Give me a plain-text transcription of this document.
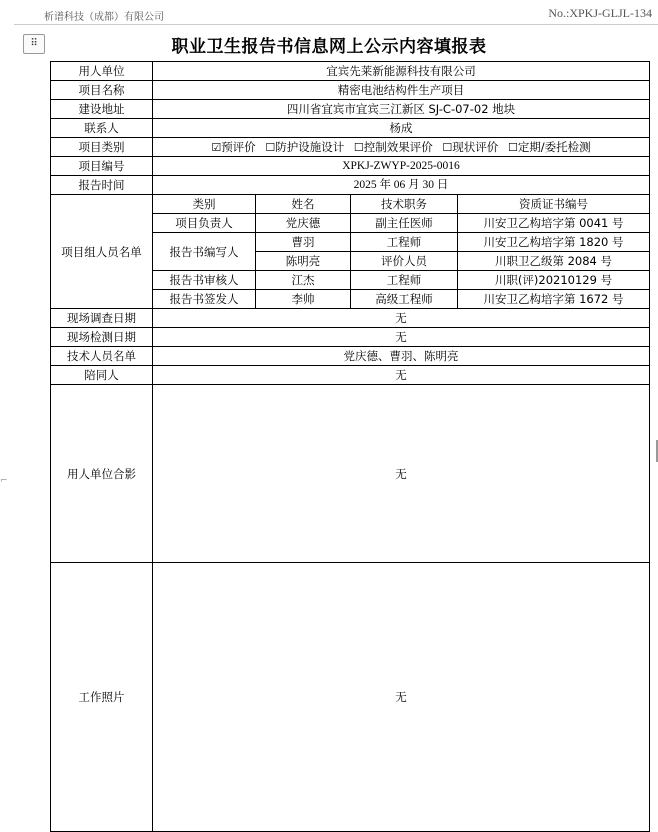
析谱科技（成都）有限公司	No.:XPKJ-GLJL-134
⠿	职业卫生报告书信息网上公示内容填报表
用人单位	宜宾先莱新能源科技有限公司			
项目名称	精密电池结构件生产项目			
建设地址	四川省宜宾市宜宾三江新区 SJ-C-07-02 地块			
联系人	杨成			
项目类别	☑预评价 ☐防护设施设计 ☐控制效果评价 ☐现状评价 ☐定期/委托检测			
项目编号	XPKJ-ZWYP-2025-0016			
报告时间	2025 年 06 月 30 日			
项目组人员名单	类别	姓名	技术职务	资质证书编号
	项目负责人	党庆德	副主任医师	川安卫乙构培字第 0041 号
	报告书编写人	曹羽	工程师	川安卫乙构培字第 1820 号
		陈明亮	评价人员	川职卫乙级第 2084 号
	报告书审核人	江杰	工程师	川职(评)20210129 号
	报告书签发人	李帅	高级工程师	川安卫乙构培字第 1672 号
现场调查日期	无			
现场检测日期	无			
技术人员名单	党庆德、曹羽、陈明亮			
陪同人	无			
用人单位合影	无			
工作照片	无			
⌐
